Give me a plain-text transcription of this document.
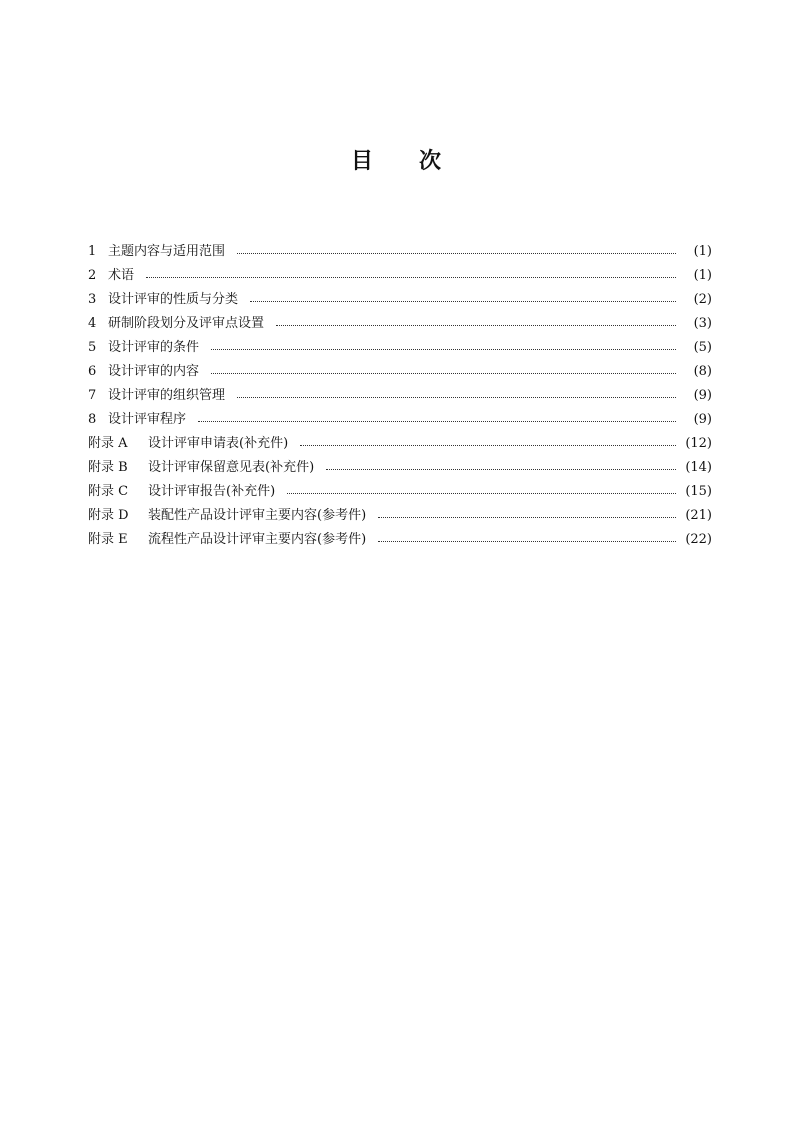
目 次
1 主题内容与适用范围	(1)
2 术语	(1)
3 设计评审的性质与分类	(2)
4 研制阶段划分及评审点设置	(3)
5 设计评审的条件	(5)
6 设计评审的内容	(8)
7 设计评审的组织管理	(9)
8 设计评审程序	(9)
附录 A	设计评审申请表(补充件)	(12)
附录 B	设计评审保留意见表(补充件)	(14)
附录 C	设计评审报告(补充件)	(15)
附录 D	装配性产品设计评审主要内容(参考件)	(21)
附录 E	流程性产品设计评审主要内容(参考件)	(22)
